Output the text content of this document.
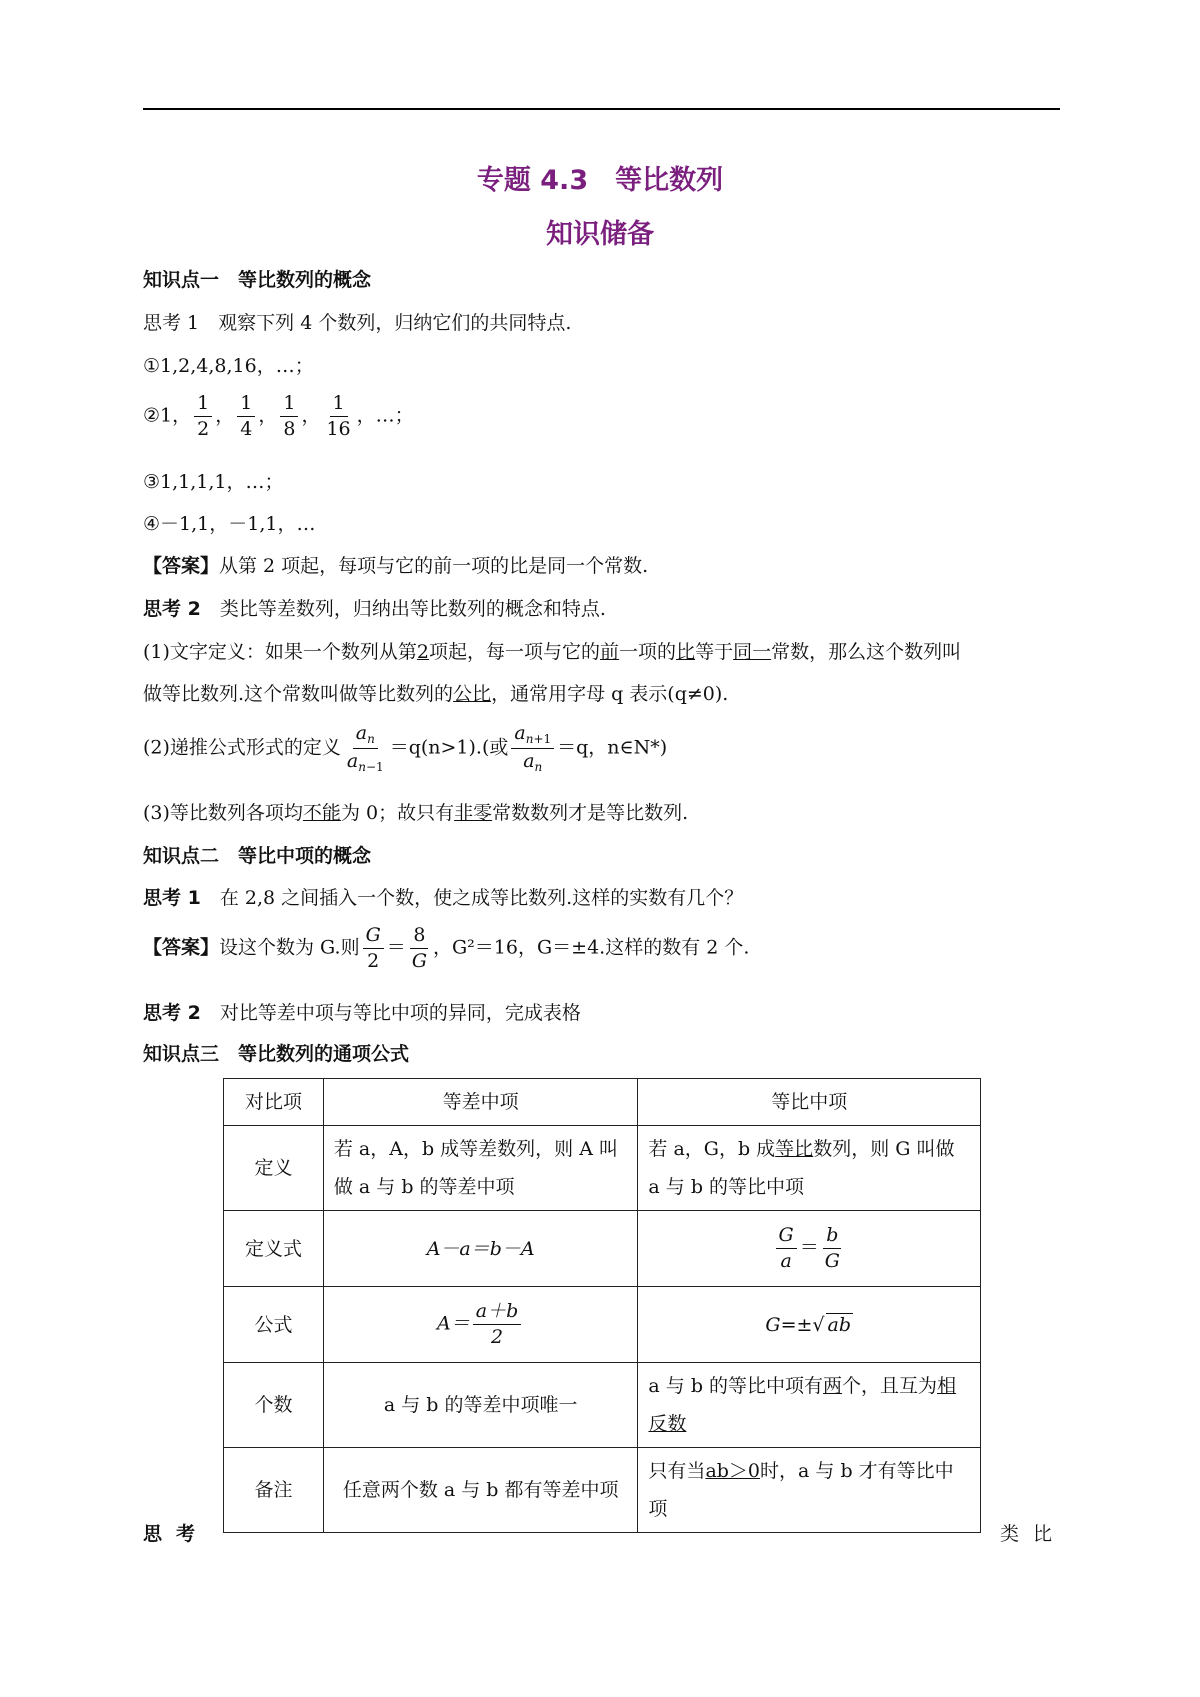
专题 4.3　等比数列
知识储备
知识点一　等比数列的概念
思考 1　 观察下列 4 个数列，归纳它们的共同特点.
①1,2,4,8,16，…；
②1， $\frac{1}{2}$ ， $\frac{1}{4}$ ， $\frac{1}{8}$ ， $\frac{1}{16}$ ，…；
③1,1,1,1，…；
④－1,1，－1,1，…
【答案】从第 2 项起，每项与它的前一项的比是同一个常数.
思考 2　 类比等差数列，归纳出等比数列的概念和特点.
(1)文字定义：如果一个数列从第2项起，每一项与它的前一项的比等于同一常数，那么这个数列叫
做等比数列.这个常数叫做等比数列的公比，通常用字母 q 表示(q≠0).
(2)递推公式形式的定义 $\frac{a_n}{a_{n-1}} =q(n>1)$.(或 $\frac{a_{n+1}}{a_n} =q$，n∈N*)
(3)等比数列各项均不能为 0；故只有非零常数数列才是等比数列.
知识点二　等比中项的概念
思考 1　 在 2,8 之间插入一个数，使之成等比数列.这样的实数有几个？
【答案】设这个数为 G.则 $\frac{G}{2} = \frac{8}{G}$ ，G²＝16，G＝±4.这样的数有 2 个.
思考 2　 对比等差中项与等比中项的异同，完成表格
知识点三　等比数列的通项公式
对比项	等差中项	等比中项
定义	若 a，A，b 成等差数列，则 A 叫做 a 与 b 的等差中项	若 a，G，b 成等比数列，则 G 叫做 a 与 b 的等比中项
定义式	A－a＝b－A	$\frac{G}{a} = \frac{b}{G}$

公式	$A= \frac{a+b}{2}$	G=±√ ab
个数	a 与 b 的等差中项唯一	a 与 b 的等比中项有两个，且互为相反数
备注	任意两个数 a 与 b 都有等差中项	只有当ab＞0时，a 与 b 才有等比中项
思考	类比
